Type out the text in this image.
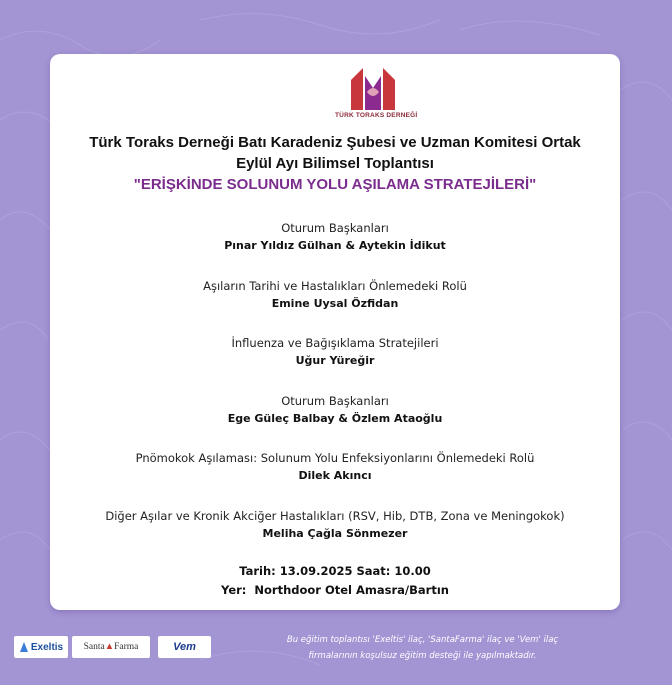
TÜRK TORAKS DERNEĞİ
Türk Toraks Derneği Batı Karadeniz Şubesi ve Uzman Komitesi Ortak
Eylül Ayı Bilimsel Toplantısı
"ERİŞKİNDE SOLUNUM YOLU AŞILAMA STRATEJİLERİ"
Oturum Başkanları
Pınar Yıldız Gülhan & Aytekin İdikut
Aşıların Tarihi ve Hastalıkları Önlemedeki Rolü
Emine Uysal Özfidan
İnfluenza ve Bağışıklama Stratejileri
Uğur Yüreğir
Oturum Başkanları
Ege Güleç Balbay & Özlem Ataoğlu
Pnömokok Aşılaması: Solunum Yolu Enfeksiyonlarını Önlemedeki Rolü
Dilek Akıncı
Diğer Aşılar ve Kronik Akciğer Hastalıkları (RSV, Hib, DTB, Zona ve Meningokok)
Meliha Çağla Sönmezer
Tarih: 13.09.2025 Saat: 10.00
Yer:  Northdoor Otel Amasra/Bartın
Exeltis Santa ▲ Farma	Vem
Bu eğitim toplantısı 'Exeltis' ilaç, 'SantaFarma' ilaç ve 'Vem' ilaç
firmalarının koşulsuz eğitim desteği ile yapılmaktadır.
